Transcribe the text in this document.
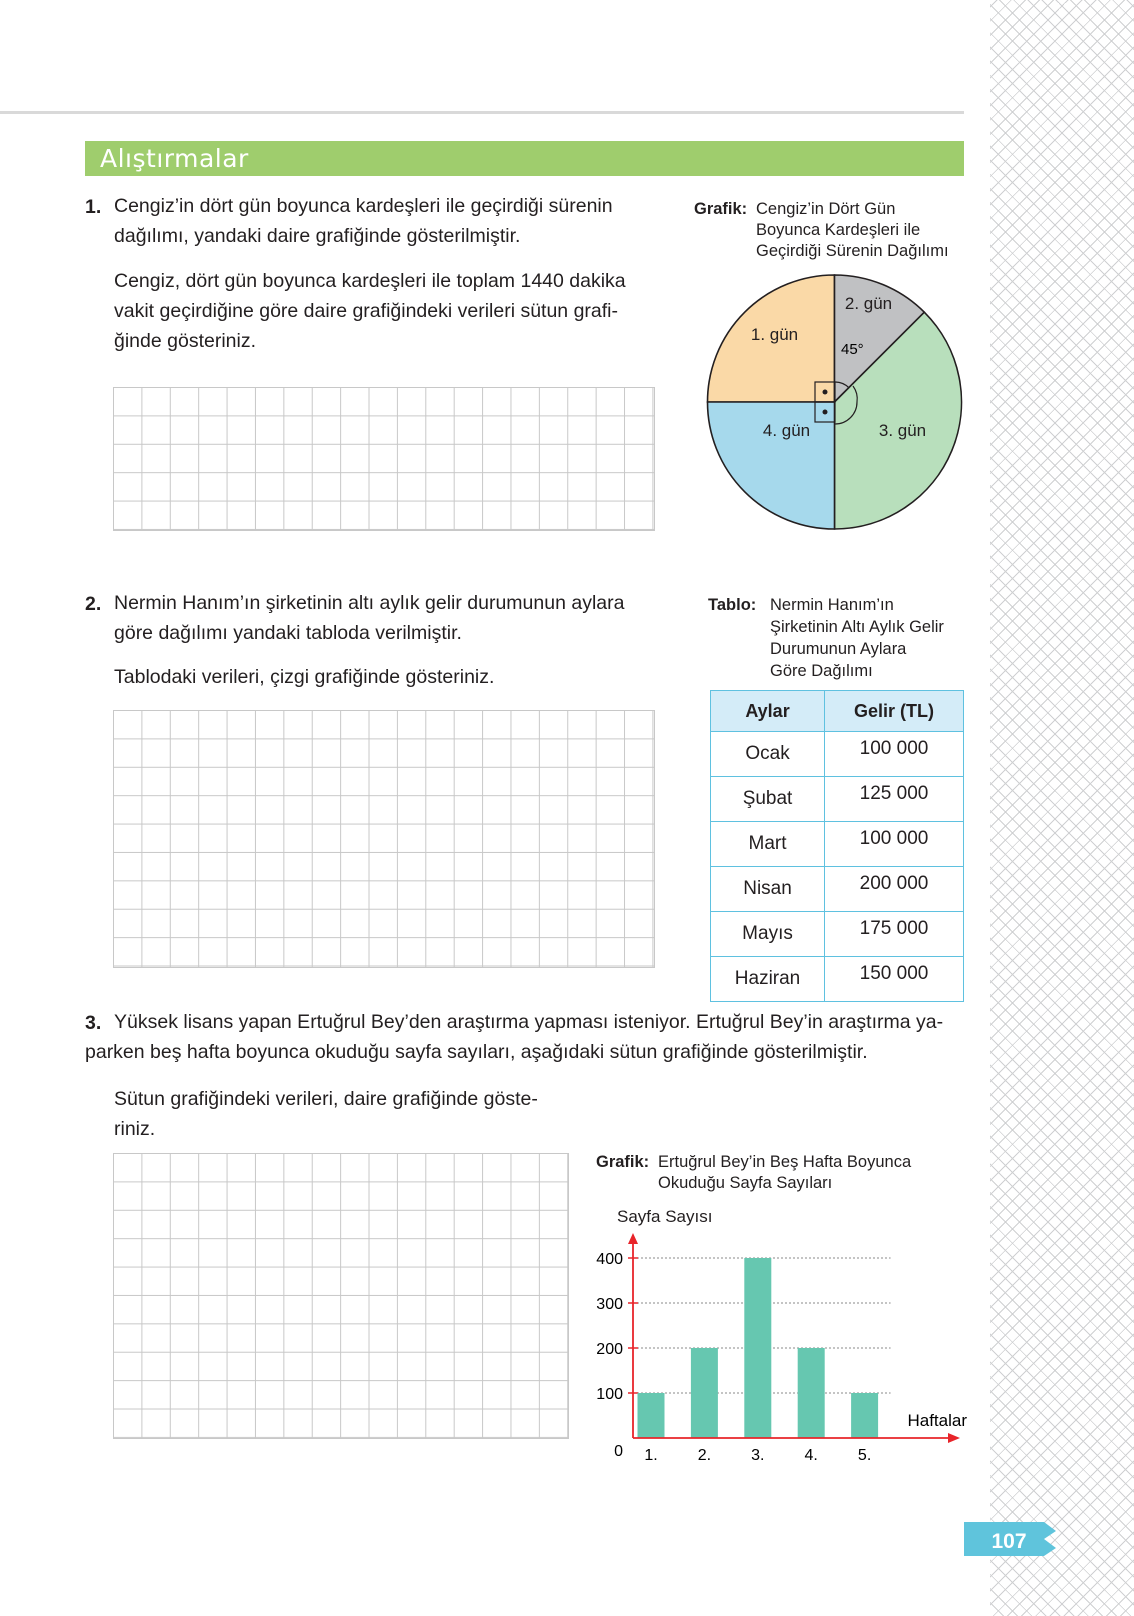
Alıştırmalar
1. Cengiz’in dört gün boyunca kardeşleri ile geçirdiği sürenin
dağılımı, yandaki daire grafiğinde gösterilmiştir.
Cengiz, dört gün boyunca kardeşleri ile toplam 1440 dakika
vakit geçirdiğine göre daire grafiğindeki verileri sütun grafi-
ğinde gösteriniz.
Grafik: Cengiz’in Dört Gün
Boyunca Kardeşleri ile
Geçirdiği Sürenin Dağılımı
1. gün
2. gün
3. gün
4. gün
45°
2. Nermin Hanım’ın şirketinin altı aylık gelir durumunun aylara
göre dağılımı yandaki tabloda verilmiştir.
Tablodaki verileri, çizgi grafiğinde gösteriniz.
Tablo: Nermin Hanım’ın
Şirketinin Altı Aylık Gelir
Durumunun Aylara
Göre Dağılımı
Aylar	Gelir (TL)
Ocak	100 000
Şubat	125 000
Mart	100 000
Nisan	200 000
Mayıs	175 000
Haziran	150 000
3. Yüksek lisans yapan Ertuğrul Bey’den araştırma yapması isteniyor. Ertuğrul Bey’in araştırma ya-
parken beş hafta boyunca okuduğu sayfa sayıları, aşağıdaki sütun grafiğinde gösterilmiştir.
Sütun grafiğindeki verileri, daire grafiğinde göste-
riniz.
Grafik: Ertuğrul Bey’in Beş Hafta Boyunca
Okuduğu Sayfa Sayıları
0
100
200
300
400
1.	2.	3.	4.	5.
Haftalar
107
Sayfa Sayısı
